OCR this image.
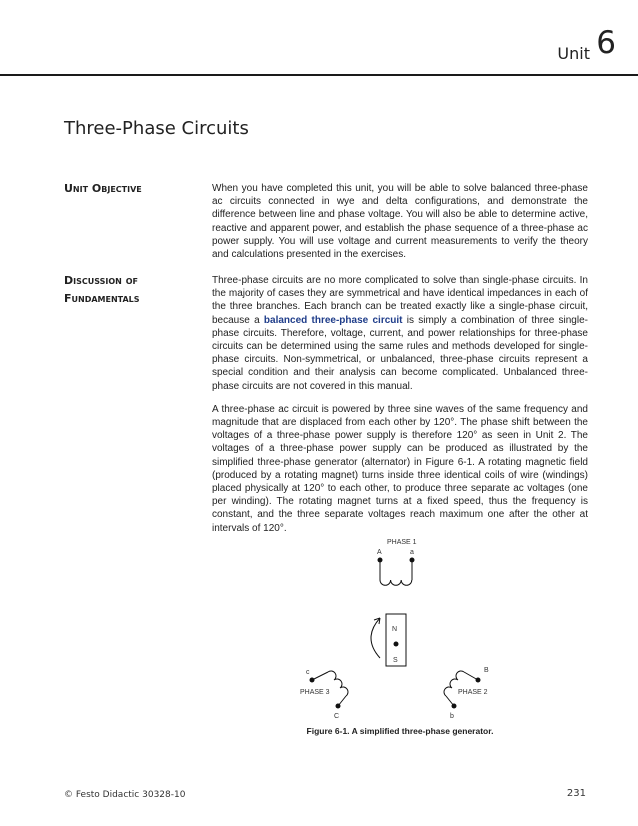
Unit 6
Three-Phase Circuits
Unit Objective	When you have completed this unit, you will be able to solve balanced three-phase ac circuits connected in wye and delta configurations, and demonstrate the difference between line and phase voltage. You will also be able to determine active, reactive and apparent power, and establish the phase sequence of a three-phase ac power supply. You will use voltage and current measurements to verify the theory and calculations presented in the exercises.

Discussion of
Fundamentals

Three-phase circuits are no more complicated to solve than single-phase circuits. In the majority of cases they are symmetrical and have identical impedances in each of the three branches. Each branch can be treated exactly like a single-phase circuit, because a balanced three-phase circuit is simply a combination of three single-phase circuits. Therefore, voltage, current, and power relationships for three-phase circuits can be determined using the same rules and methods developed for single-phase circuits. Non-symmetrical, or unbalanced, three-phase circuits represent a special condition and their analysis can become complicated. Unbalanced three-phase circuits are not covered in this manual.

A three-phase ac circuit is powered by three sine waves of the same frequency and magnitude that are displaced from each other by 120°. The phase shift between the voltages of a three-phase power supply is therefore 120° as seen in Unit 2. The voltages of a three-phase power supply can be produced as illustrated by the simplified three-phase generator (alternator) in Figure 6-1. A rotating magnetic field (produced by a rotating magnet) turns inside three identical coils of wire (windings) placed physically at 120° to each other, to produce three separate ac voltages (one per winding). The rotating magnet turns at a fixed speed, thus the frequency is constant, and the three separate voltages reach maximum one after the other at intervals of 120°.

PHASE 1
A	a
N
S
c
C
PHASE 3
B
b
PHASE 2
Figure 6-1. A simplified three-phase generator.
© Festo Didactic 30328-10	231
